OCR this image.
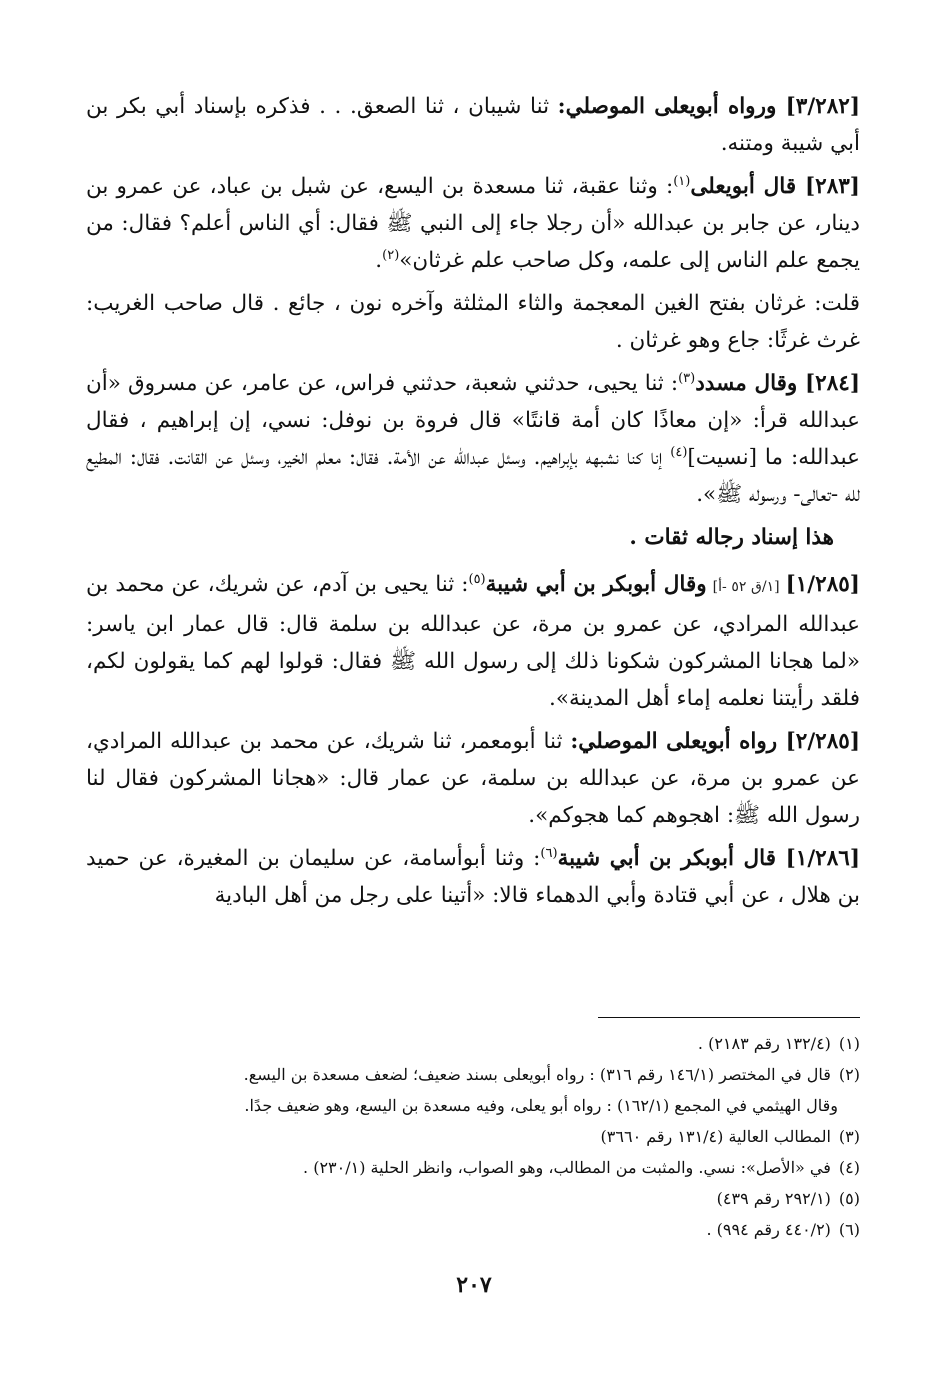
[٣/٢٨٢] ورواه أبويعلى الموصلي: ثنا شيبان ، ثنا الصعق. . . فذكره بإسناد أبي بكر بن أبي شيبة ومتنه.

[٢٨٣] قال أبويعلى$^{(١)}$: وثنا عقبة، ثنا مسعدة بن اليسع، عن شبل بن عباد، عن عمرو بن دينار، عن جابر بن عبدالله «أن رجلا جاء إلى النبي ﷺ فقال: أي الناس أعلم؟ فقال: من يجمع علم الناس إلى علمه، وكل صاحب علم غرثان»$^{(٢)}$.

قلت: غرثان بفتح الغين المعجمة والثاء المثلثة وآخره نون ، جائع . قال صاحب الغريب: غرث غرثًا: جاع وهو غرثان .

[٢٨٤] وقال مسدد$^{(٣)}$: ثنا يحيى، حدثني شعبة، حدثني فراس، عن عامر، عن مسروق «أن عبدالله قرأ: «إن معاذًا كان أمة قانتًا» قال فروة بن نوفل: نسي، إن إبراهيم ، فقال عبدالله: ما [نسيت]$^{(٤)}$ إنا كنا نشبهه بإبراهيم. وسئل عبدالله عن الأمة. فقال: معلم الخير، وسئل عن القانت. فقال: المطيع لله -تعالى- ورسوله ﷺ».

هذا إسناد رجاله ثقات .

[١/٢٨٥][١/ق ٥٢ -أ]وقال أبوبكر بن أبي شيبة$^{(٥)}$: ثنا يحيى بن آدم، عن شريك، عن محمد بن عبدالله المرادي، عن عمرو بن مرة، عن عبدالله بن سلمة قال: قال عمار ابن ياسر: «لما هجانا المشركون شكونا ذلك إلى رسول الله ﷺ فقال: قولوا لهم كما يقولون لكم، فلقد رأيتنا نعلمه إماء أهل المدينة».

[٢/٢٨٥] رواه أبويعلى الموصلي: ثنا أبومعمر، ثنا شريك، عن محمد بن عبدالله المرادي، عن عمرو بن مرة، عن عبدالله بن سلمة، عن عمار قال: «هجانا المشركون فقال لنا رسول الله ﷺ: اهجوهم كما هجوكم».

[١/٢٨٦] قال أبوبكر بن أبي شيبة$^{(٦)}$: وثنا أبوأسامة، عن سليمان بن المغيرة، عن حميد بن هلال ، عن أبي قتادة وأبي الدهماء قالا: «أتينا على رجل من أهل البادية

(١)(١٣٢/٤ رقم ٢١٨٣) .

(٢)قال في المختصر (١٤٦/١ رقم ٣١٦) : رواه أبويعلى بسند ضعيف؛ لضعف مسعدة بن اليسع.

وقال الهيثمي في المجمع (١٦٢/١) : رواه أبو يعلى، وفيه مسعدة بن اليسع، وهو ضعيف جدًا.

(٣)المطالب العالية (١٣١/٤ رقم ٣٦٦٠)

(٤)في «الأصل»: نسي. والمثبت من المطالب، وهو الصواب، وانظر الحلية (٢٣٠/١) .

(٥)(٢٩٢/١ رقم ٤٣٩)

(٦)(٤٤٠/٢ رقم ٩٩٤) .

٢٠٧
